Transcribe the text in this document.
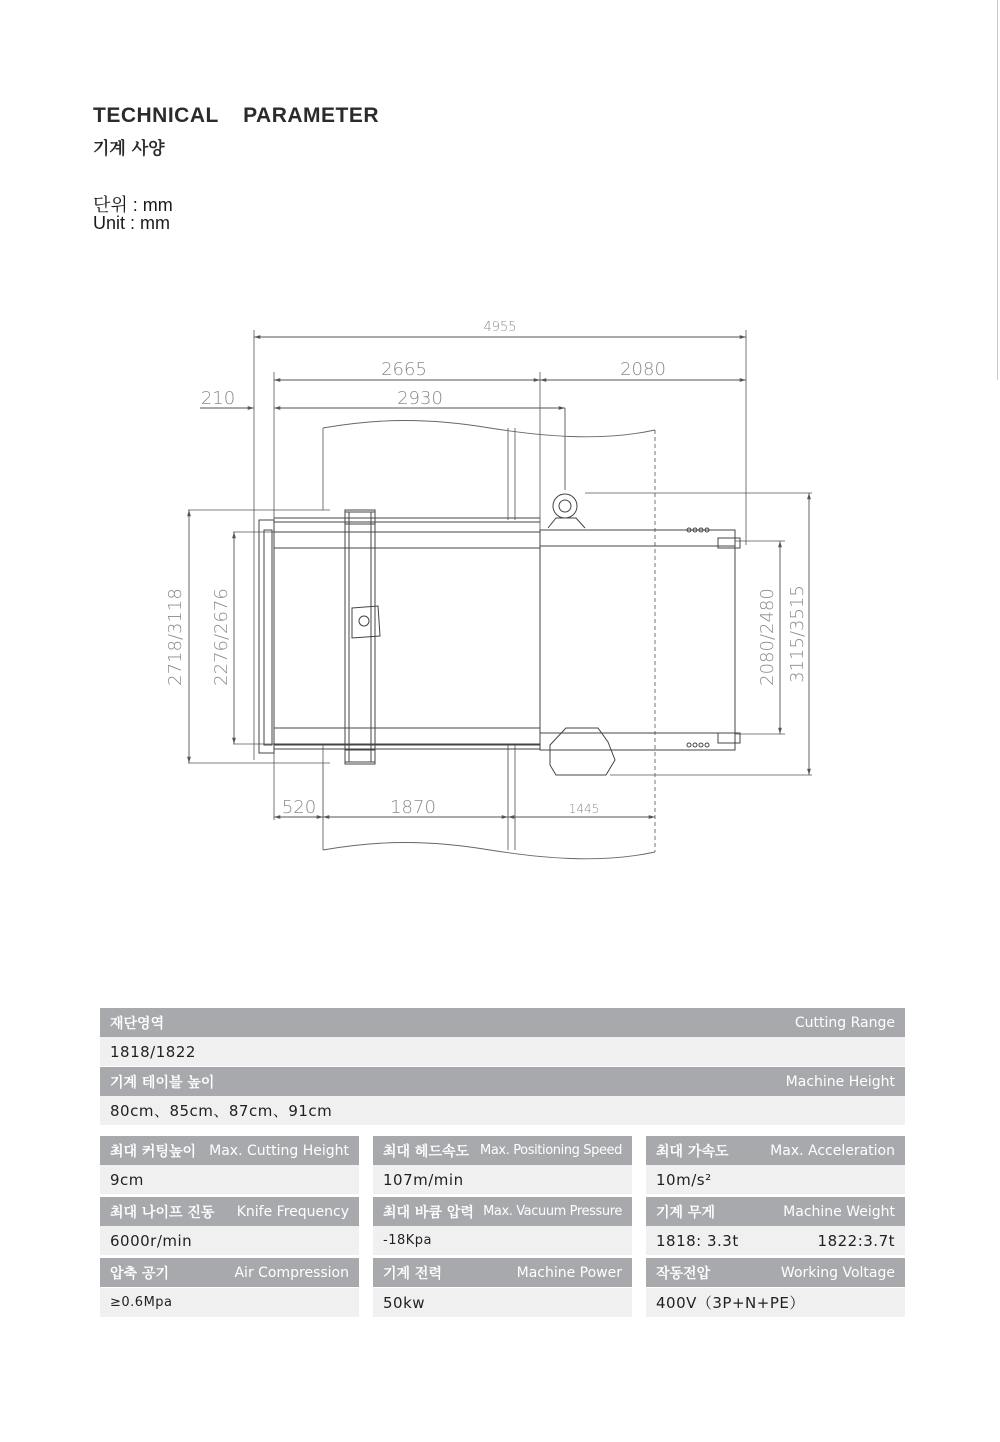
TECHNICAL  PARAMETER
기계 사양
단위 : mm
Unit : mm
4955
2665	2080
210	2930
520	1870	1445
2718/3118 2276/2676	2080/2480 3115/3515
재단영역	Cutting Range
1818/1822
기계 테이블 높이	Machine Height
80cm、85cm、87cm、91cm
최대 커팅높이 Max. Cutting Height
9cm
최대 헤드속도 Max. Positioning Speed
107m/min
최대 가속도	Max. Acceleration
10m/s²
최대 나이프 진동 Knife Frequency
6000r/min
최대 바큠 압력 Max. Vacuum Pressure
-18Kpa
기계 무게	Machine Weight
1818: 3.3t	1822:3.7t
압축 공기	Air Compression
≥0.6Mpa
기계 전력	Machine Power
50kw
작동전압	Working Voltage
400V（3P+N+PE）
